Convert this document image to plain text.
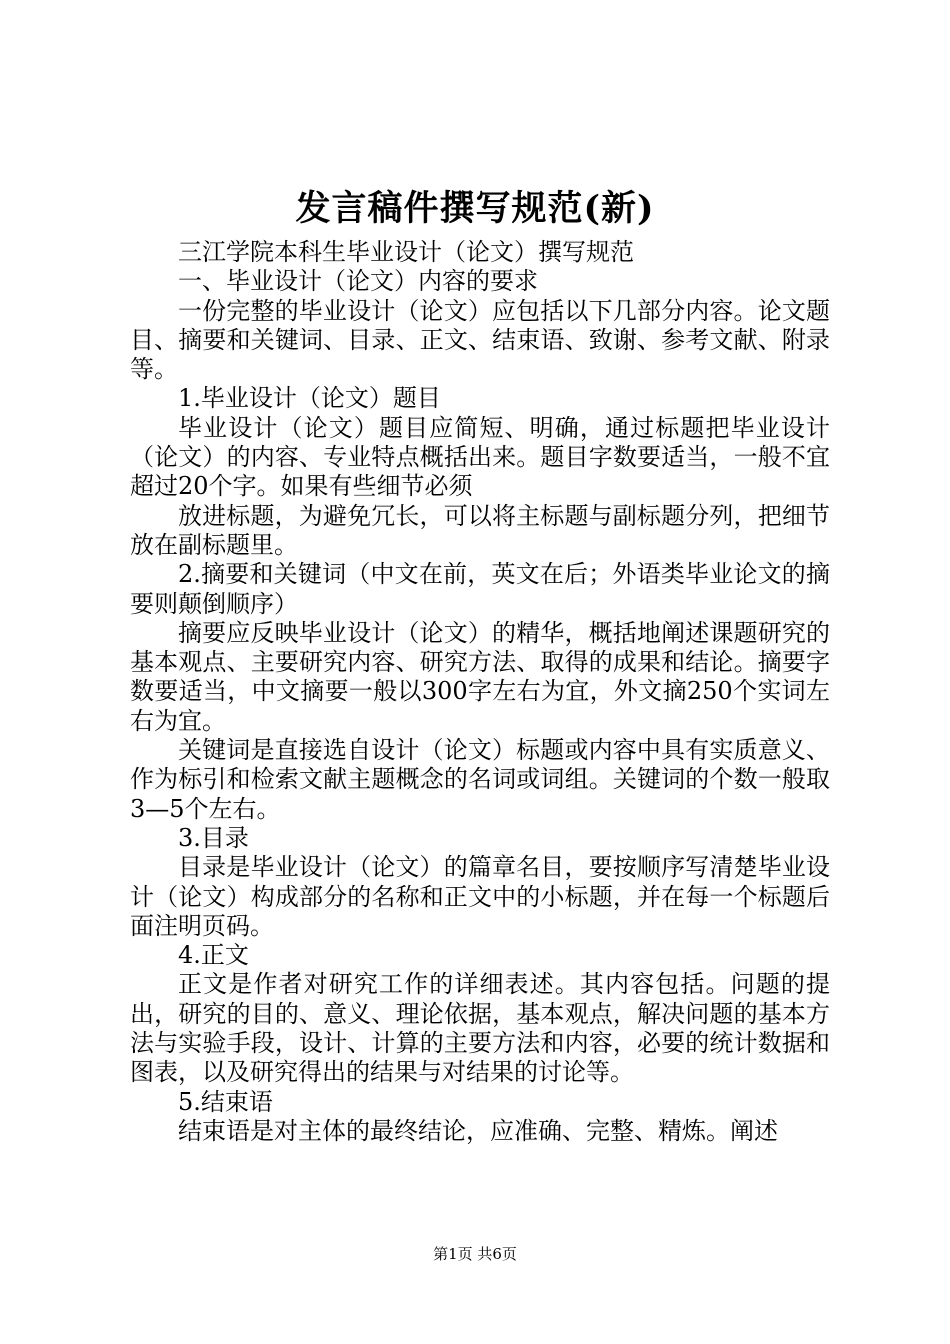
发言稿件撰写规范(新)

三江学院本科生毕业设计（论文）撰写规范

一、毕业设计（论文）内容的要求

一份完整的毕业设计（论文）应包括以下几部分内容。论文题目、摘要和关键词、目录、正文、结束语、致谢、参考文献、附录等。

1.毕业设计（论文）题目

毕业设计（论文）题目应简短、明确，通过标题把毕业设计（论文）的内容、专业特点概括出来。题目字数要适当，一般不宜超过20个字。如果有些细节必须

放进标题，为避免冗长，可以将主标题与副标题分列，把细节放在副标题里。

2.摘要和关键词（中文在前，英文在后；外语类毕业论文的摘要则颠倒顺序）

摘要应反映毕业设计（论文）的精华，概括地阐述课题研究的基本观点、主要研究内容、研究方法、取得的成果和结论。摘要字数要适当，中文摘要一般以300字左右为宜，外文摘250个实词左右为宜。

关键词是直接选自设计（论文）标题或内容中具有实质意义、作为标引和检索文献主题概念的名词或词组。关键词的个数一般取3—5个左右。

3.目录

目录是毕业设计（论文）的篇章名目，要按顺序写清楚毕业设计（论文）构成部分的名称和正文中的小标题，并在每一个标题后面注明页码。

4.正文

正文是作者对研究工作的详细表述。其内容包括。问题的提出，研究的目的、意义、理论依据，基本观点，解决问题的基本方法与实验手段，设计、计算的主要方法和内容，必要的统计数据和图表，以及研究得出的结果与对结果的讨论等。

5.结束语

结束语是对主体的最终结论，应准确、完整、精炼。阐述

第1页 共6页
